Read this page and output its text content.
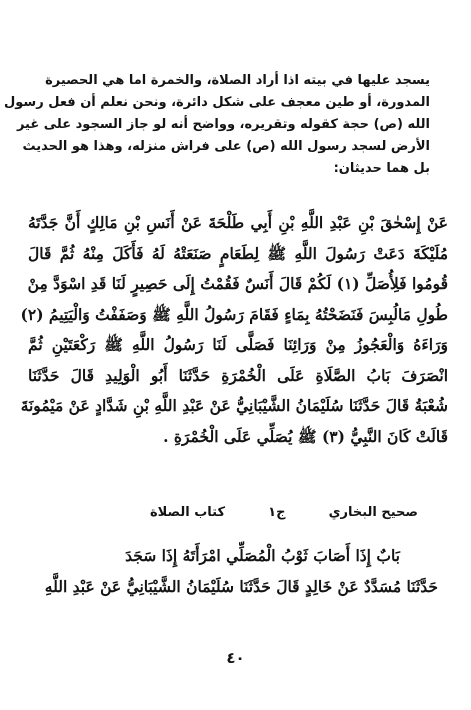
يسجد عليها في بيته اذا أراد الصلاة، والخمرة اما هي الحصيرة
المدورة، أو طين معجف على شكل دائرة، ونحن نعلم أن فعل رسول
الله (ص) حجة كقوله وتقريره، وواضح أنه لو جاز السجود على غير
الأرض لسجد رسول الله (ص) على فراش منزله، وهذا هو الحديث
بل هما حديثان:
عَنْ إِسْحٰقَ بْنِ عَبْدِ اللَّهِ بْنِ أَبِي طَلْحَةَ عَنْ أَنَسِ بْنِ مَالِكٍ أَنَّ جَدَّتَهُ
مُلَيْكَةَ دَعَتْ رَسُولَ اللَّهِ ﷺ لِطَعَامٍ صَنَعَتْهُ لَهُ فَأَكَلَ مِنْهُ ثُمَّ قَالَ
قُومُوا فَلِأُصَلِّ (١) لَكُمْ قَالَ أَنَسٌ فَقُمْتُ إِلَى حَصِيرٍ لَنَا قَدِ اسْوَدَّ مِنْ
طُولِ مَالُبِسَ فَنَضَحْتُهُ بِمَاءٍ فَقَامَ رَسُولُ اللَّهِ ﷺ وَصَفَفْتُ وَالْيَتِيمُ (٢)
وَرَاءَهُ وَالْعَجُوزُ مِنْ وَرَائِنَا فَصَلَّى لَنَا رَسُولُ اللَّهِ ﷺ رَكْعَتَيْنِ ثُمَّ
انْصَرَفَ بَابُ الصَّلَاةِ عَلَى الْخُمْرَةِ حَدَّثَنَا أَبُو الْوَلِيدِ قَالَ حَدَّثَنَا
شُعْبَةُ قَالَ حَدَّثَنَا سُلَيْمَانُ الشَّيْبَانِيُّ عَنْ عَبْدِ اللَّهِ بْنِ شَدَّادٍ عَنْ مَيْمُونَةَ
قَالَتْ كَانَ النَّبِيُّ (٣) ﷺ يُصَلِّي عَلَى الْخُمْرَةِ .
صحيح البخاري
ج١
كتاب الصلاة
بَابٌ إِذَا أَصَابَ ثَوْبُ الْمُصَلِّي امْرَأَتَهُ إِذَا سَجَدَ
حَدَّثَنَا مُسَدَّدٌ عَنْ خَالِدٍ قَالَ حَدَّثَنَا سُلَيْمَانُ الشَّيْبَانِيُّ عَنْ عَبْدِ اللَّهِ
٤٠
